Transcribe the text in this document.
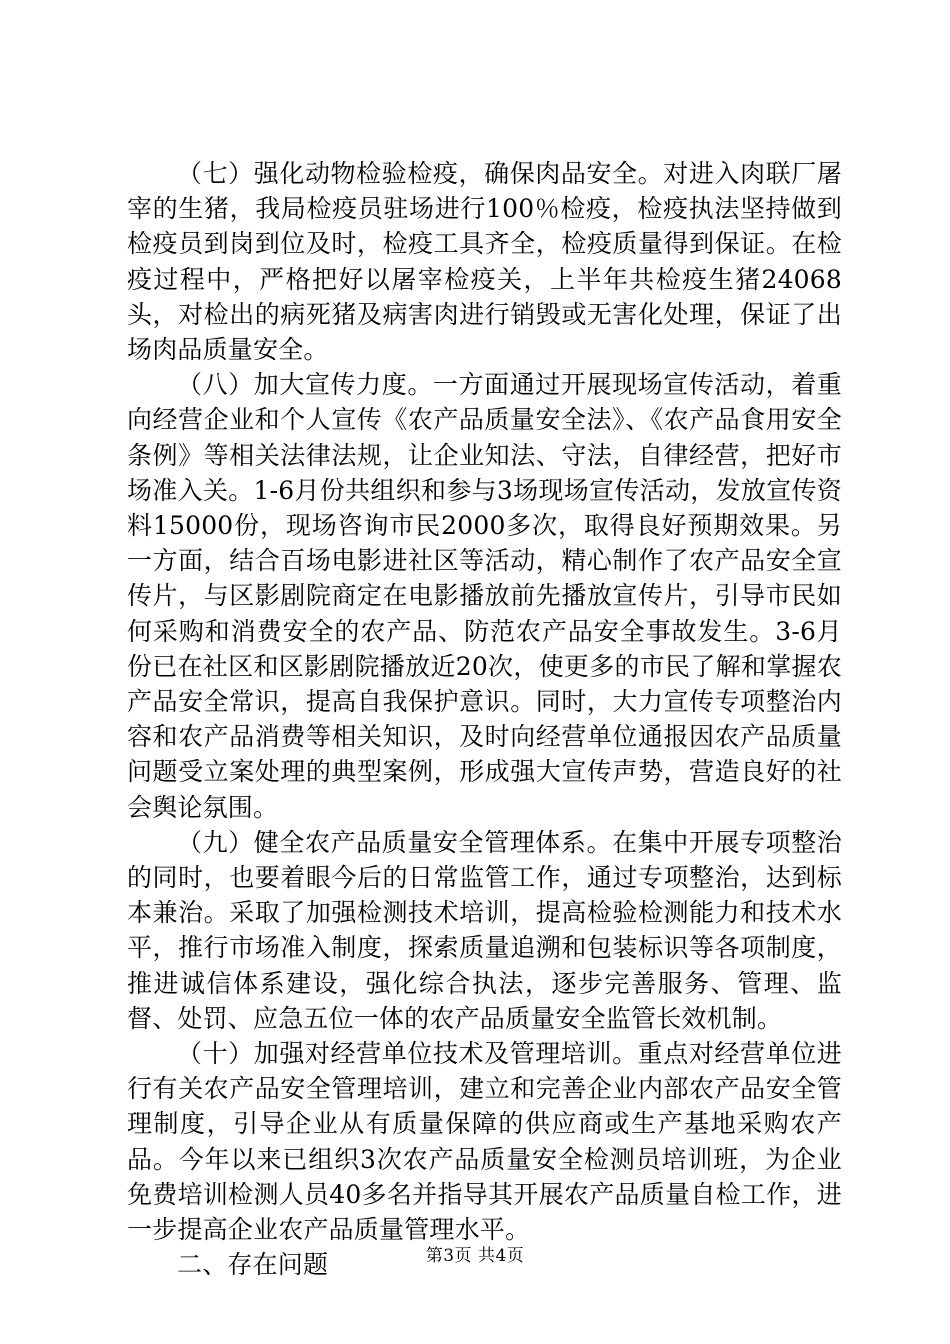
（七）强化动物检验检疫，确保肉品安全。对进入肉联厂屠宰的生猪，我局检疫员驻场进行100％检疫，检疫执法坚持做到检疫员到岗到位及时，检疫工具齐全，检疫质量得到保证。在检疫过程中，严格把好以屠宰检疫关，上半年共检疫生猪24068头，对检出的病死猪及病害肉进行销毁或无害化处理，保证了出场肉品质量安全。

（八）加大宣传力度。一方面通过开展现场宣传活动，着重向经营企业和个人宣传《农产品质量安全法》、《农产品食用安全条例》等相关法律法规，让企业知法、守法，自律经营，把好市场准入关。1-6月份共组织和参与3场现场宣传活动，发放宣传资料15000份，现场咨询市民2000多次，取得良好预期效果。另一方面，结合百场电影进社区等活动，精心制作了农产品安全宣传片，与区影剧院商定在电影播放前先播放宣传片，引导市民如何采购和消费安全的农产品、防范农产品安全事故发生。3-6月份已在社区和区影剧院播放近20次，使更多的市民了解和掌握农产品安全常识，提高自我保护意识。同时，大力宣传专项整治内容和农产品消费等相关知识，及时向经营单位通报因农产品质量问题受立案处理的典型案例，形成强大宣传声势，营造良好的社会舆论氛围。

（九）健全农产品质量安全管理体系。在集中开展专项整治的同时，也要着眼今后的日常监管工作，通过专项整治，达到标本兼治。采取了加强检测技术培训，提高检验检测能力和技术水平，推行市场准入制度，探索质量追溯和包装标识等各项制度，推进诚信体系建设，强化综合执法，逐步完善服务、管理、监督、处罚、应急五位一体的农产品质量安全监管长效机制。

（十）加强对经营单位技术及管理培训。重点对经营单位进行有关农产品安全管理培训，建立和完善企业内部农产品安全管理制度，引导企业从有质量保障的供应商或生产基地采购农产品。今年以来已组织3次农产品质量安全检测员培训班，为企业免费培训检测人员40多名并指导其开展农产品质量自检工作，进一步提高企业农产品质量管理水平。

二、存在问题	第3页 共4页
